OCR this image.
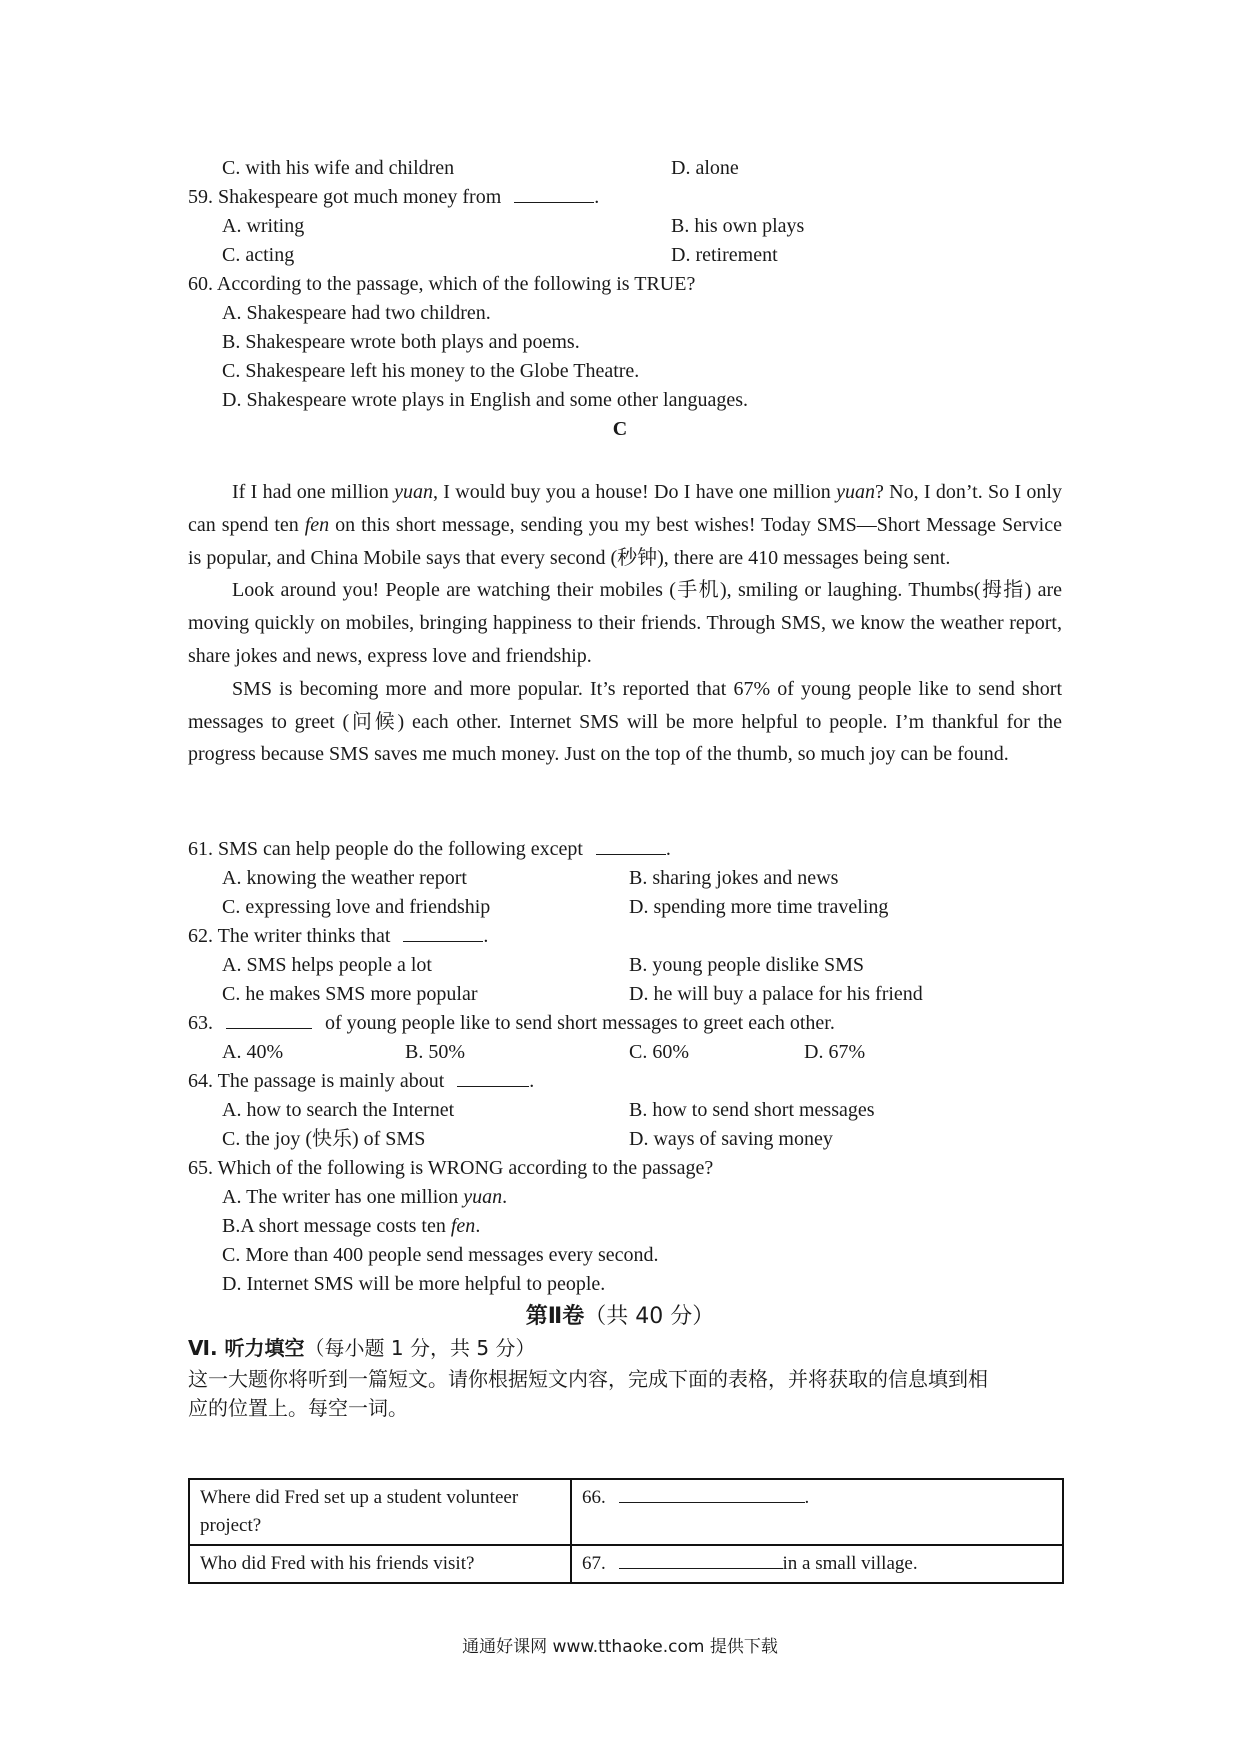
C. with his wife and children	D. alone
59. Shakespeare got much money from	.
A. writing	B. his own plays
C. acting	D. retirement
60. According to the passage, which of the following is TRUE?
A. Shakespeare had two children.
B. Shakespeare wrote both plays and poems.
C. Shakespeare left his money to the Globe Theatre.
D. Shakespeare wrote plays in English and some other languages.
C

If I had one million yuan, I would buy you a house! Do I have one million yuan? No, I don’t. So I only can spend ten fen on this short message, sending you my best wishes! Today SMS—Short Message Service is popular, and China Mobile says that every second (秒钟), there are 410 messages being sent.

Look around you! People are watching their mobiles (手机), smiling or laughing. Thumbs(拇指) are moving quickly on mobiles, bringing happiness to their friends. Through SMS, we know the weather report, share jokes and news, express love and friendship.

SMS is becoming more and more popular. It’s reported that 67% of young people like to send short messages to greet (问候) each other. Internet SMS will be more helpful to people. I’m thankful for the progress because SMS saves me much money. Just on the top of the thumb, so much joy can be found.

61. SMS can help people do the following except	.
A. knowing the weather report	B. sharing jokes and news
C. expressing love and friendship	D. spending more time traveling
62. The writer thinks that	.
A. SMS helps people a lot	B. young people dislike SMS
C. he makes SMS more popular	D. he will buy a palace for his friend
63.	of young people like to send short messages to greet each other.
A. 40%	B. 50%	C. 60%	D. 67%
64. The passage is mainly about	.
A. how to search the Internet	B. how to send short messages
C. the joy (快乐) of SMS	D. ways of saving money
65. Which of the following is WRONG according to the passage?
A. The writer has one million yuan.
B.A short message costs ten fen.
C. More than 400 people send messages every second.
D. Internet SMS will be more helpful to people.
第Ⅱ卷（共 40 分）
Ⅵ. 听力填空（每小题 1 分，共 5 分）
这一大题你将听到一篇短文。请你根据短文内容，完成下面的表格，并将获取的信息填到相
应的位置上。每空一词。
Where did Fred set up a student volunteer project?	66. .
Who did Fred with his friends visit?	67. in a small village.
通通好课网 www.tthaoke.com 提供下载
